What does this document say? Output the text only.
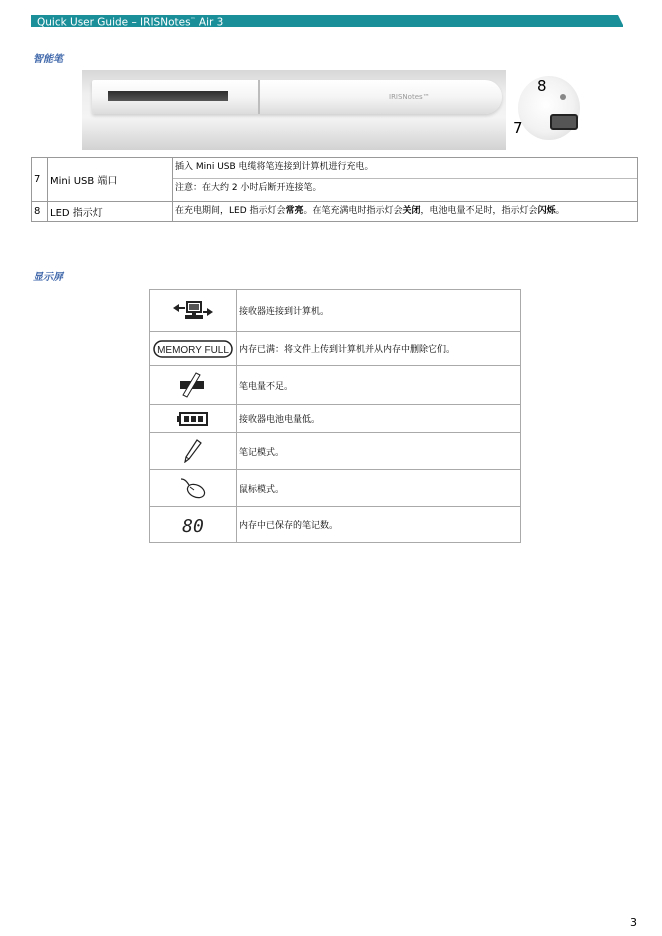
Quick User Guide – IRISNotes™ Air 3
智能笔
IRISNotes™
8
7
7	Mini USB 端口	插入 Mini USB 电缆将笔连接到计算机进行充电。
注意：在大约 2 小时后断开连接笔。

8	LED 指示灯	在充电期间，LED 指示灯会常亮。在笔充满电时指示灯会关闭，电池电量不足时，指示灯会闪烁。
显示屏
	接收器连接到计算机。

MEMORY FULL	内存已满：将文件上传到计算机并从内存中删除它们。

	笔电量不足。

	接收器电池电量低。

	笔记模式。

	鼠标模式。

80	内存中已保存的笔记数。
3
